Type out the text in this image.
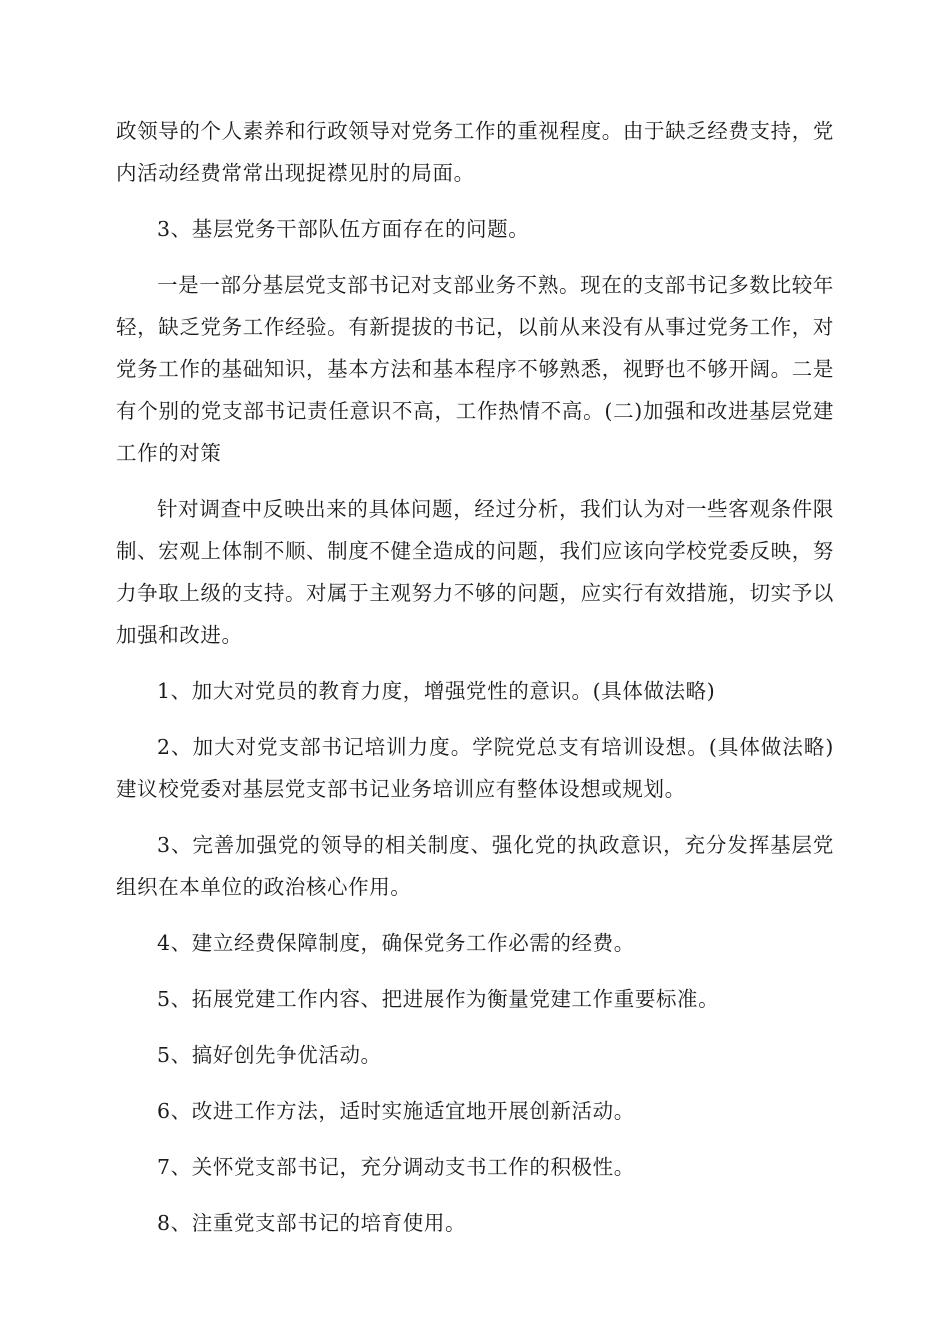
政领导的个人素养和行政领导对党务工作的重视程度。由于缺乏经费支持，党内活动经费常常出现捉襟见肘的局面。

3、基层党务干部队伍方面存在的问题。

一是一部分基层党支部书记对支部业务不熟。现在的支部书记多数比较年轻，缺乏党务工作经验。有新提拔的书记，以前从来没有从事过党务工作，对党务工作的基础知识，基本方法和基本程序不够熟悉，视野也不够开阔。二是有个别的党支部书记责任意识不高，工作热情不高。(二)加强和改进基层党建工作的对策

针对调查中反映出来的具体问题，经过分析，我们认为对一些客观条件限制、宏观上体制不顺、制度不健全造成的问题，我们应该向学校党委反映，努力争取上级的支持。对属于主观努力不够的问题，应实行有效措施，切实予以加强和改进。

1、加大对党员的教育力度，增强党性的意识。(具体做法略)

2、加大对党支部书记培训力度。学院党总支有培训设想。(具体做法略)建议校党委对基层党支部书记业务培训应有整体设想或规划。

3、完善加强党的领导的相关制度、强化党的执政意识，充分发挥基层党组织在本单位的政治核心作用。

4、建立经费保障制度，确保党务工作必需的经费。

5、拓展党建工作内容、把进展作为衡量党建工作重要标准。

5、搞好创先争优活动。

6、改进工作方法，适时实施适宜地开展创新活动。

7、关怀党支部书记，充分调动支书工作的积极性。

8、注重党支部书记的培育使用。
